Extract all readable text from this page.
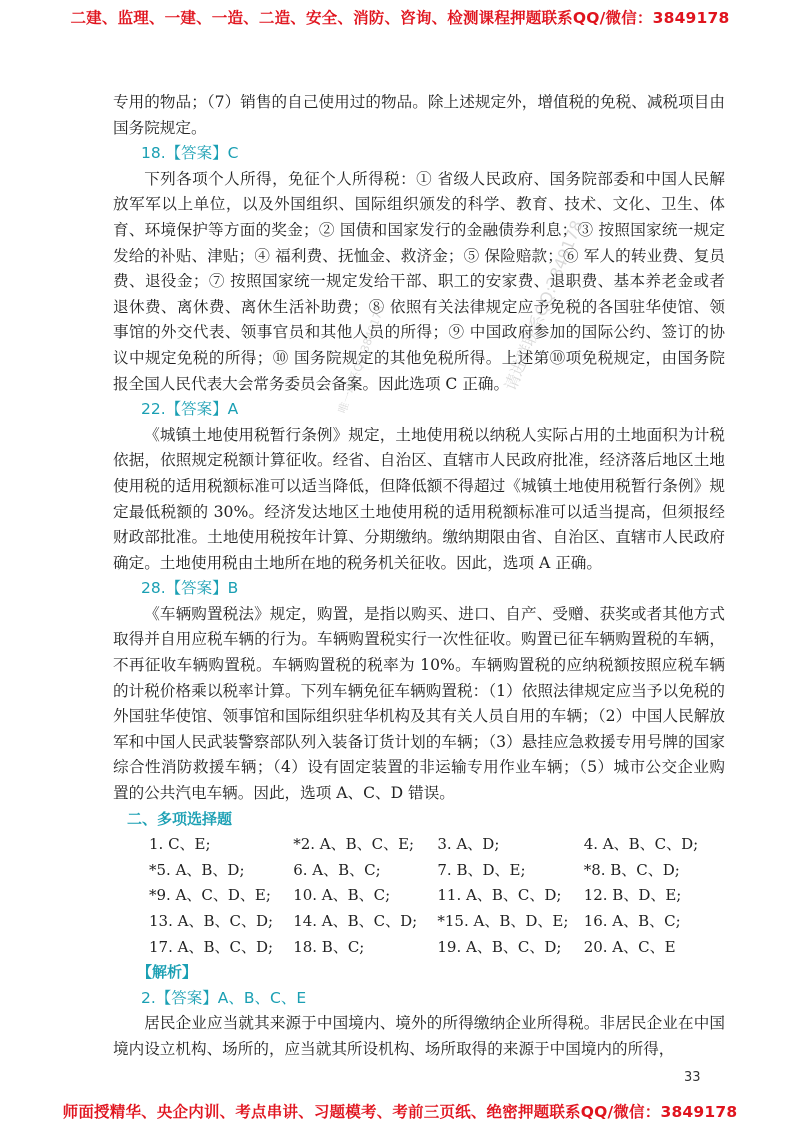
二建、监理、一建、一造、二造、安全、消防、咨询、检测课程押题联系QQ/微信：3849178

专用的物品；（7）销售的自己使用过的物品。除上述规定外，增值税的免税、减税项目由国务院规定。

18.【答案】C

下列各项个人所得，免征个人所得税：① 省级人民政府、国务院部委和中国人民解放军军以上单位，以及外国组织、国际组织颁发的科学、教育、技术、文化、卫生、体育、环境保护等方面的奖金；② 国债和国家发行的金融债券利息；③ 按照国家统一规定发给的补贴、津贴；④ 福利费、抚恤金、救济金；⑤ 保险赔款；⑥ 军人的转业费、复员费、退役金；⑦ 按照国家统一规定发给干部、职工的安家费、退职费、基本养老金或者退休费、离休费、离休生活补助费；⑧ 依照有关法律规定应予免税的各国驻华使馆、领事馆的外交代表、领事官员和其他人员的所得；⑨ 中国政府参加的国际公约、签订的协议中规定免税的所得；⑩ 国务院规定的其他免税所得。上述第⑩项免税规定，由国务院报全国人民代表大会常务委员会备案。因此选项 C 正确。

22.【答案】A

《城镇土地使用税暂行条例》规定，土地使用税以纳税人实际占用的土地面积为计税依据，依照规定税额计算征收。经省、自治区、直辖市人民政府批准，经济落后地区土地使用税的适用税额标准可以适当降低，但降低额不得超过《城镇土地使用税暂行条例》规定最低税额的 30%。经济发达地区土地使用税的适用税额标准可以适当提高，但须报经财政部批准。土地使用税按年计算、分期缴纳。缴纳期限由省、自治区、直辖市人民政府确定。土地使用税由土地所在地的税务机关征收。因此，选项 A 正确。

28.【答案】B

《车辆购置税法》规定，购置，是指以购买、进口、自产、受赠、获奖或者其他方式取得并自用应税车辆的行为。车辆购置税实行一次性征收。购置已征车辆购置税的车辆，不再征收车辆购置税。车辆购置税的税率为 10%。车辆购置税的应纳税额按照应税车辆的计税价格乘以税率计算。下列车辆免征车辆购置税：（1）依照法律规定应当予以免税的外国驻华使馆、领事馆和国际组织驻华机构及其有关人员自用的车辆；（2）中国人民解放军和中国人民武装警察部队列入装备订货计划的车辆；（3）悬挂应急救援专用号牌的国家综合性消防救援车辆；（4）设有固定装置的非运输专用作业车辆；（5）城市公交企业购置的公共汽电车辆。因此，选项 A、C、D 错误。

二、多项选择题

1. C、E;	*2. A、B、C、E;	3. A、D;	4. A、B、C、D;
*5. A、B、D;	6. A、B、C;	7. B、D、E;	*8. B、C、D;
*9. A、C、D、E;	10. A、B、C;	11. A、B、C、D;	12. B、D、E;
13. A、B、C、D;	14. A、B、C、D;	*15. A、B、D、E;	16. A、B、C;
17. A、B、C、D;	18. B、C;	19. A、B、C、D;	20. A、C、E

【解析】

2.【答案】A、B、C、E

居民企业应当就其来源于中国境内、境外的所得缴纳企业所得税。非居民企业在中国境内设立机构、场所的，应当就其所设机构、场所取得的来源于中国境内的所得，

请进群联系QQ:3849178
唯一联系QQ:3849178
33
师面授精华、央企内训、考点串讲、习题模考、考前三页纸、绝密押题联系QQ/微信：3849178
